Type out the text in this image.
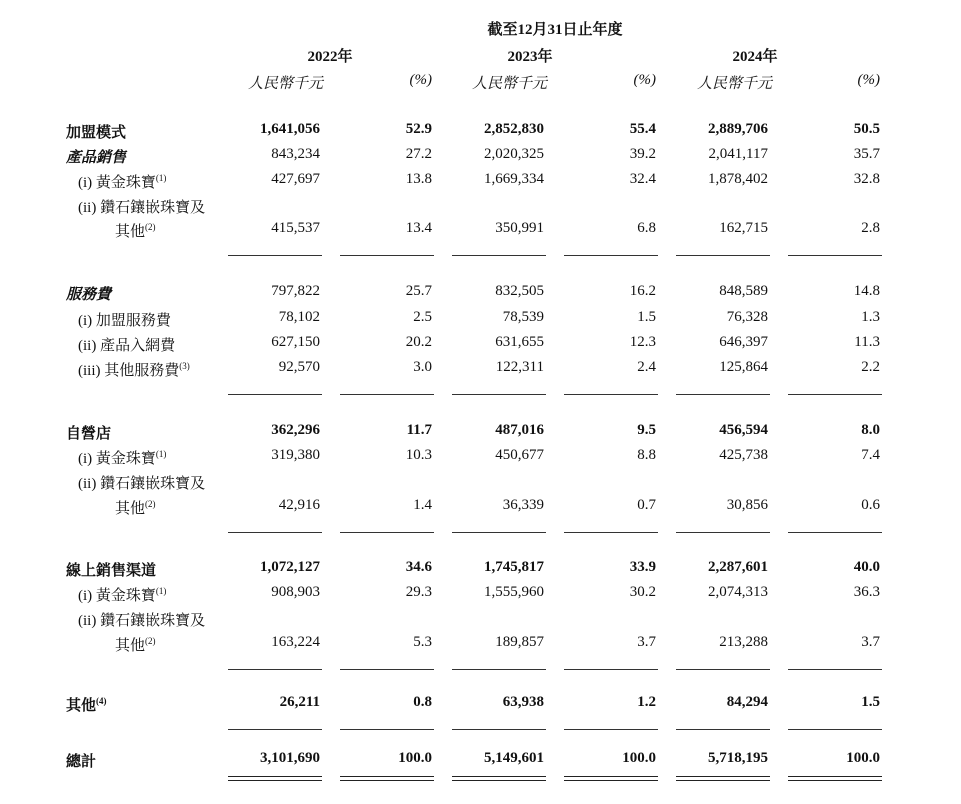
截至12月31日止年度
2022年	2023年	2024年
人民幣千元	(%)	人民幣千元	(%)	人民幣千元	(%)
加盟模式	1,641,056	52.9	2,852,830	55.4	2,889,706	50.5
產品銷售	843,234	27.2	2,020,325	39.2	2,041,117	35.7
(i) 黃金珠寶$^{(1)}$	427,697	13.8	1,669,334	32.4	1,878,402	32.8
(ii) 鑽石鑲嵌珠寶及
其他$^{(2)}$	415,537	13.4	350,991	6.8	162,715	2.8
服務費	797,822	25.7	832,505	16.2	848,589	14.8
(i) 加盟服務費	78,102	2.5	78,539	1.5	76,328	1.3
(ii) 產品入網費	627,150	20.2	631,655	12.3	646,397	11.3
(iii) 其他服務費$^{(3)}$	92,570	3.0	122,311	2.4	125,864	2.2
自營店	362,296	11.7	487,016	9.5	456,594	8.0
(i) 黃金珠寶$^{(1)}$	319,380	10.3	450,677	8.8	425,738	7.4
(ii) 鑽石鑲嵌珠寶及
其他$^{(2)}$	42,916	1.4	36,339	0.7	30,856	0.6
線上銷售渠道	1,072,127	34.6	1,745,817	33.9	2,287,601	40.0
(i) 黃金珠寶$^{(1)}$	908,903	29.3	1,555,960	30.2	2,074,313	36.3
(ii) 鑽石鑲嵌珠寶及
其他$^{(2)}$	163,224	5.3	189,857	3.7	213,288	3.7
其他$^{(4)}$	26,211	0.8	63,938	1.2	84,294	1.5
總計	3,101,690	100.0	5,149,601	100.0	5,718,195	100.0
